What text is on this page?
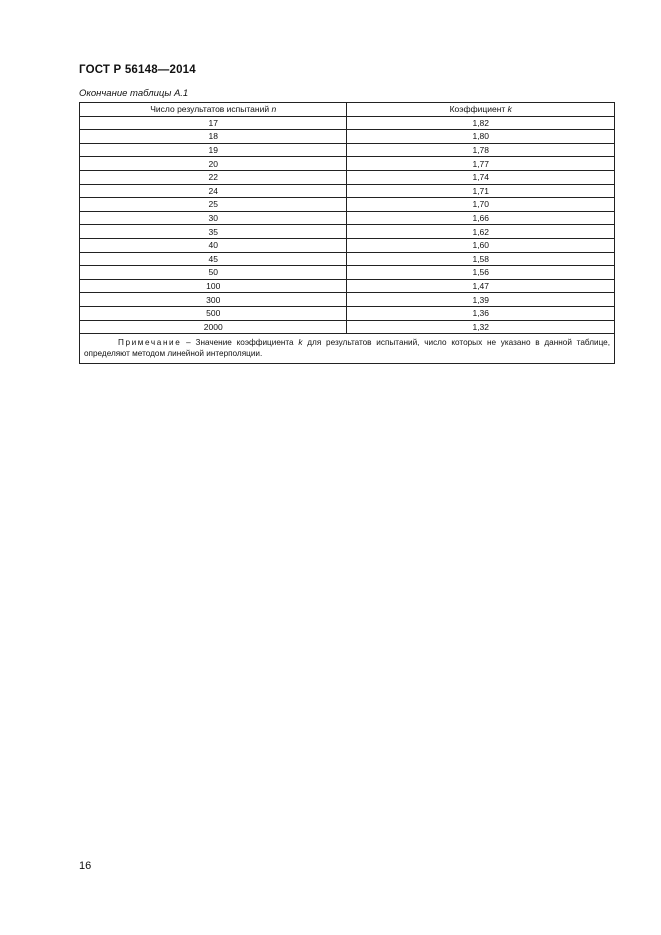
ГОСТ Р 56148—2014
Окончание таблицы А.1
Число результатов испытаний n	Коэффициент k
17	1,82
18	1,80
19	1,78
20	1,77
22	1,74
24	1,71
25	1,70
30	1,66
35	1,62
40	1,60
45	1,58
50	1,56
100	1,47
300	1,39
500	1,36
2000	1,32
Примечание – Значение коэффициента k для результатов испытаний, число которых не указано в данной таблице, определяют методом линейной интерполяции.	
16
